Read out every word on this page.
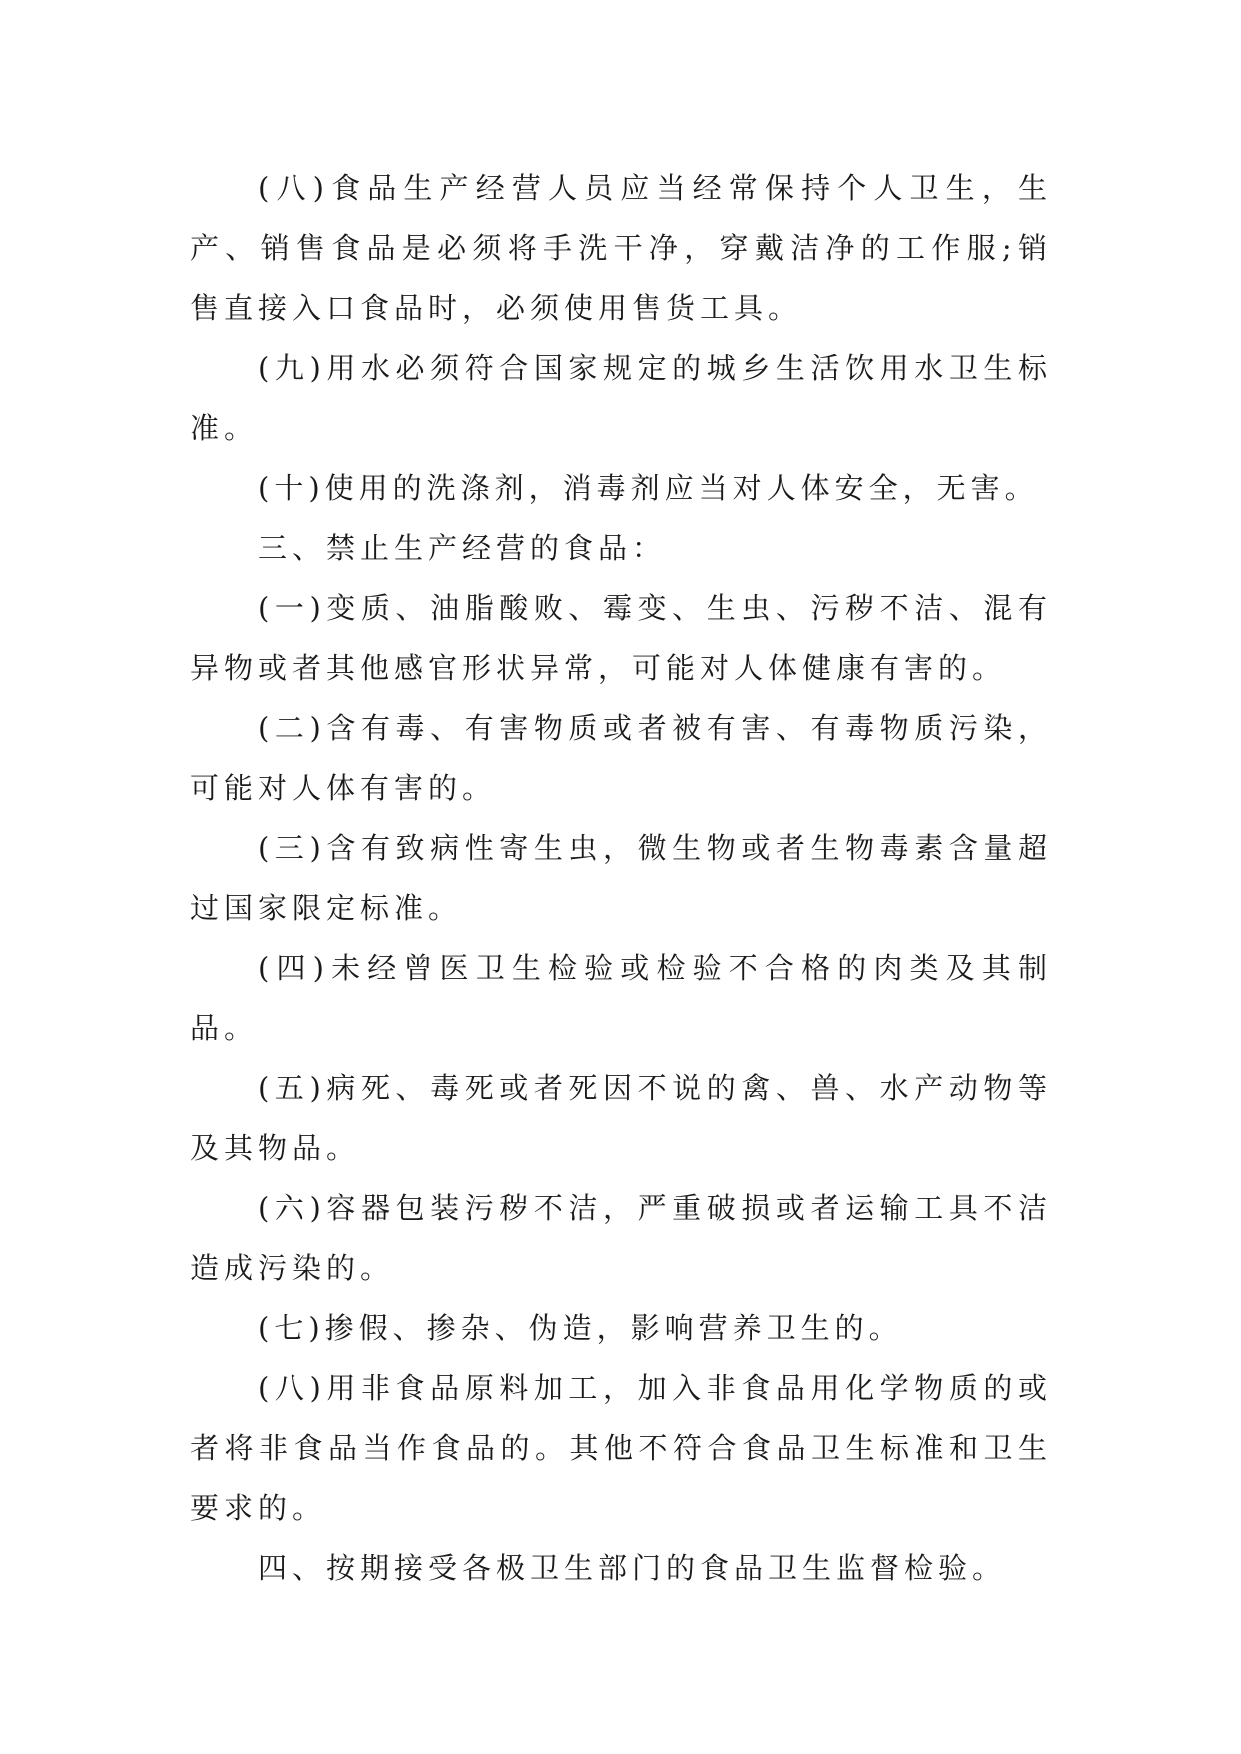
(八)食品生产经营人员应当经常保持个人卫生，生产、销售食品是必须将手洗干净，穿戴洁净的工作服;销售直接入口食品时，必须使用售货工具。

(九)用水必须符合国家规定的城乡生活饮用水卫生标准。

(十)使用的洗涤剂，消毒剂应当对人体安全，无害。

三、禁止生产经营的食品：

(一)变质、油脂酸败、霉变、生虫、污秽不洁、混有异物或者其他感官形状异常，可能对人体健康有害的。

(二)含有毒、有害物质或者被有害、有毒物质污染，可能对人体有害的。

(三)含有致病性寄生虫，微生物或者生物毒素含量超过国家限定标准。

(四)未经曾医卫生检验或检验不合格的肉类及其制品。

(五)病死、毒死或者死因不说的禽、兽、水产动物等及其物品。

(六)容器包装污秽不洁，严重破损或者运输工具不洁造成污染的。

(七)掺假、掺杂、伪造，影响营养卫生的。

(八)用非食品原料加工，加入非食品用化学物质的或者将非食品当作食品的。其他不符合食品卫生标准和卫生要求的。

四、按期接受各极卫生部门的食品卫生监督检验。
